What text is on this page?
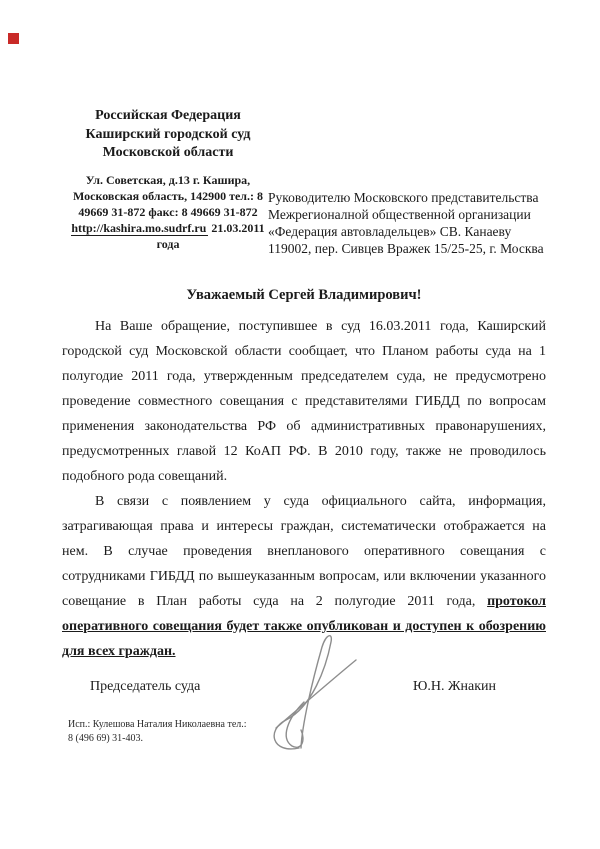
Российская Федерация
Каширский городской суд
Московской области
Ул. Советская, д.13 г. Кашира,
Московская область, 142900 тел.: 8
49669 31-872 факс: 8 49669 31-872
http://kashira.mo.sudrf.ru 21.03.2011
года
Руководителю Московского представительства
Межрегионалной общественной организации
«Федерация автовладельцев» СВ. Канаеву
119002, пер. Сивцев Вражек 15/25-25, г. Москва
Уважаемый Сергей Владимирович!

На Ваше обращение, поступившее в суд 16.03.2011 года, Каширский городской суд Московской области сообщает, что Планом работы суда на 1 полугодие 2011 года, утвержденным председателем суда, не предусмотрено проведение совместного совещания с представителями ГИБДД по вопросам применения законодательства РФ об административных правонарушениях, предусмотренных главой 12 КоАП РФ. В 2010 году, также не проводилось подобного рода совещаний.

В связи с появлением у суда официального сайта, информация, затрагивающая права и интересы граждан, систематически отображается на нем. В случае проведения внепланового оперативного совещания с сотрудниками ГИБДД по вышеуказанным вопросам, или включении указанного совещание в План работы суда на 2 полугодие 2011 года, протокол оперативного совещания будет также опубликован и доступен к обозрению для всех граждан.

Председатель суда	Ю.Н. Жнакин
Исп.: Кулешова Наталия Николаевна тел.:
8 (496 69) 31-403.
